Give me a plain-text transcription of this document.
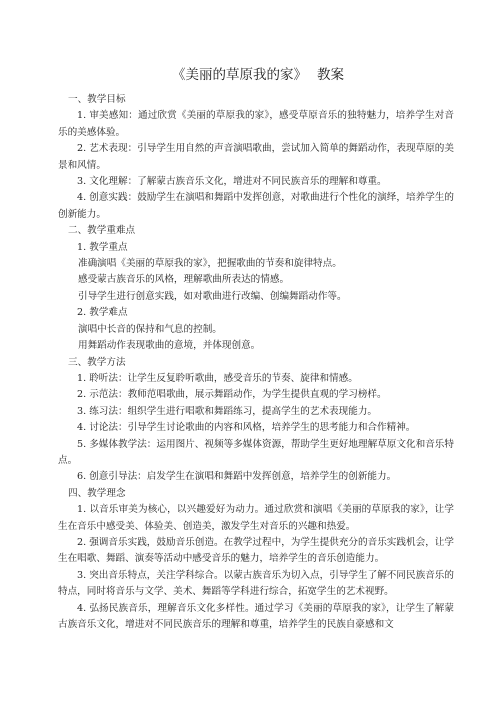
《美丽的草原我的家》 教案

一、教学目标

1. 审美感知：通过欣赏《美丽的草原我的家》，感受草原音乐的独特魅力，培养学生对音乐的美感体验。

2. 艺术表现：引导学生用自然的声音演唱歌曲，尝试加入简单的舞蹈动作，表现草原的美景和风情。

3. 文化理解：了解蒙古族音乐文化，增进对不同民族音乐的理解和尊重。

4. 创意实践：鼓励学生在演唱和舞蹈中发挥创意，对歌曲进行个性化的演绎，培养学生的创新能力。

二、教学重难点

1. 教学重点

准确演唱《美丽的草原我的家》，把握歌曲的节奏和旋律特点。

感受蒙古族音乐的风格，理解歌曲所表达的情感。

引导学生进行创意实践，如对歌曲进行改编、创编舞蹈动作等。

2. 教学难点

演唱中长音的保持和气息的控制。

用舞蹈动作表现歌曲的意境，并体现创意。

三、教学方法

1. 聆听法：让学生反复聆听歌曲，感受音乐的节奏、旋律和情感。

2. 示范法：教师范唱歌曲，展示舞蹈动作，为学生提供直观的学习榜样。

3. 练习法：组织学生进行唱歌和舞蹈练习，提高学生的艺术表现能力。

4. 讨论法：引导学生讨论歌曲的内容和风格，培养学生的思考能力和合作精神。

5. 多媒体教学法：运用图片、视频等多媒体资源，帮助学生更好地理解草原文化和音乐特点。

6. 创意引导法：启发学生在演唱和舞蹈中发挥创意，培养学生的创新能力。

四、教学理念

1. 以音乐审美为核心，以兴趣爱好为动力。通过欣赏和演唱《美丽的草原我的家》，让学生在音乐中感受美、体验美、创造美，激发学生对音乐的兴趣和热爱。

2. 强调音乐实践，鼓励音乐创造。在教学过程中，为学生提供充分的音乐实践机会，让学生在唱歌、舞蹈、演奏等活动中感受音乐的魅力，培养学生的音乐创造能力。

3. 突出音乐特点，关注学科综合。以蒙古族音乐为切入点，引导学生了解不同民族音乐的特点，同时将音乐与文学、美术、舞蹈等学科进行综合，拓宽学生的艺术视野。

4. 弘扬民族音乐，理解音乐文化多样性。通过学习《美丽的草原我的家》，让学生了解蒙古族音乐文化，增进对不同民族音乐的理解和尊重，培养学生的民族自豪感和文
